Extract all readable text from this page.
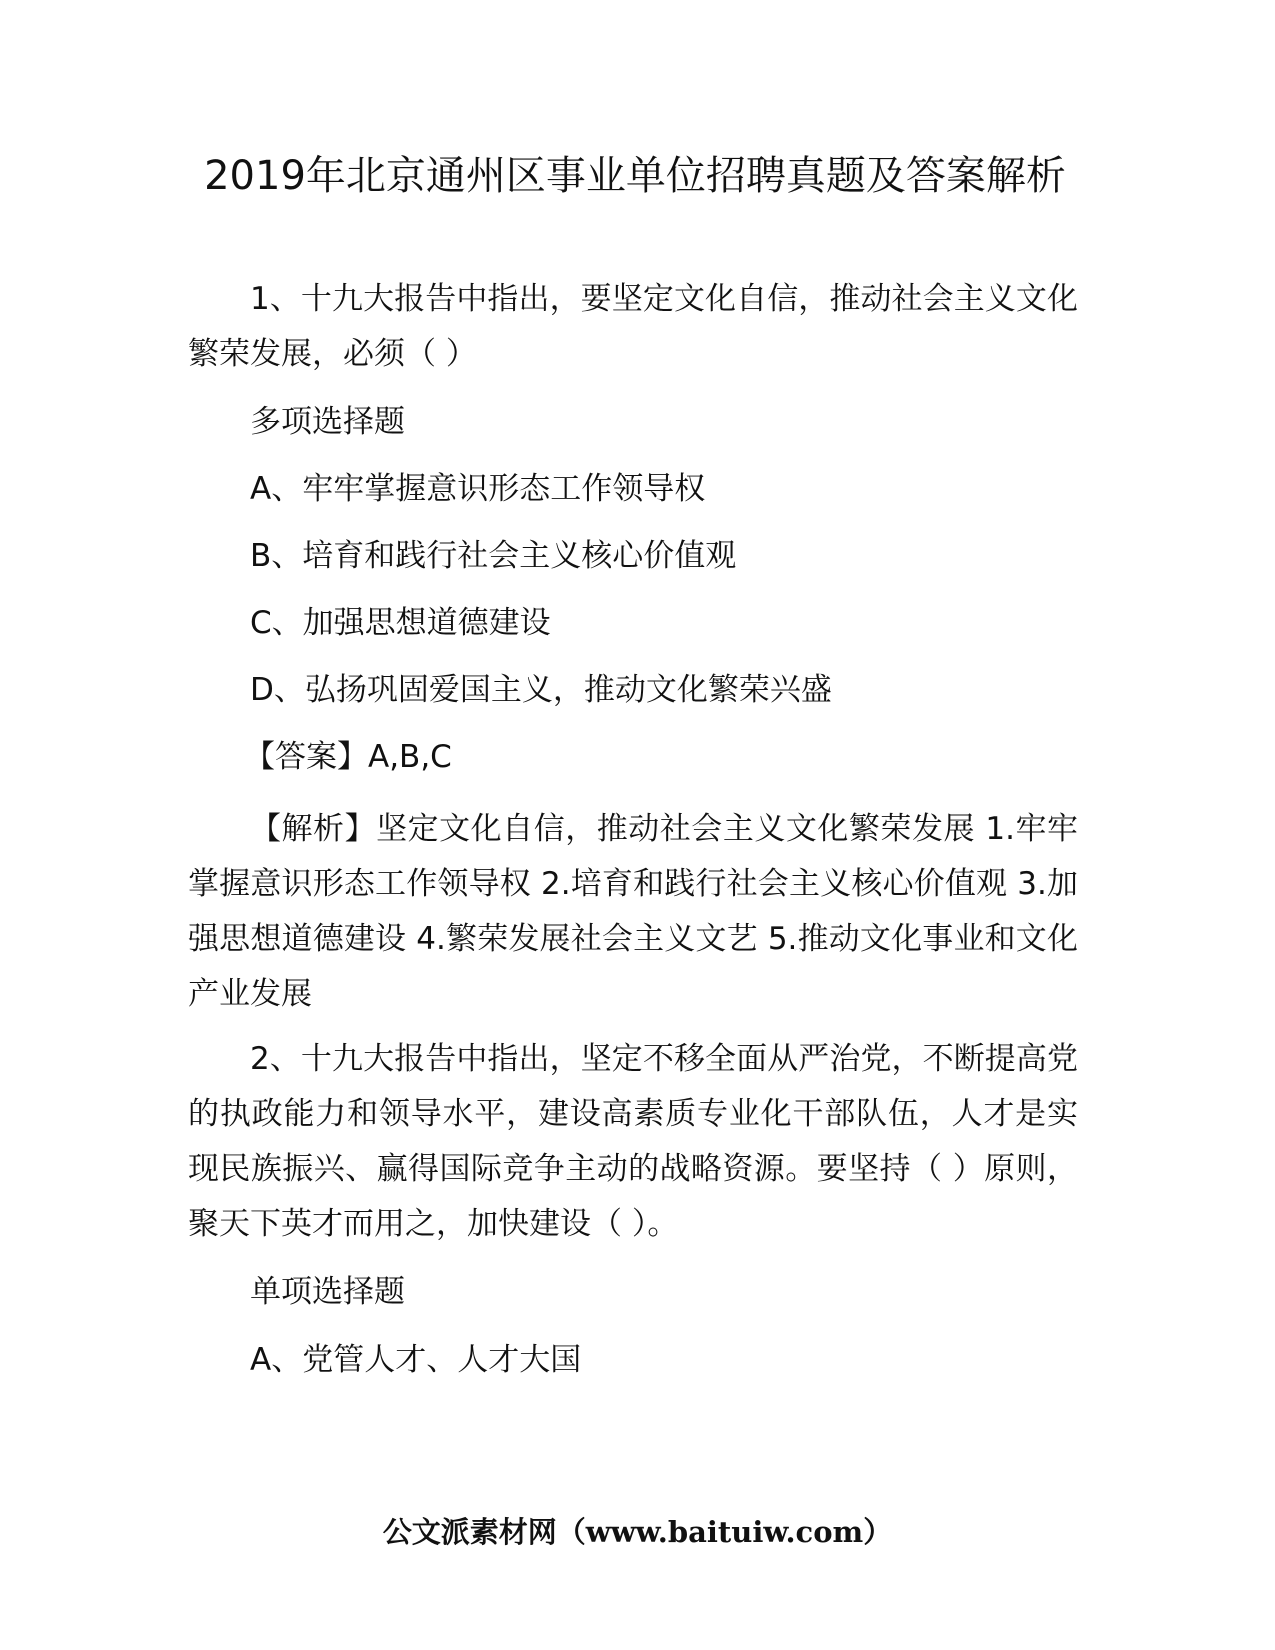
2019年北京通州区事业单位招聘真题及答案解析

1、十九大报告中指出，要坚定文化自信，推动社会主义文化繁荣发展，必须（ ）

多项选择题
A、牢牢掌握意识形态工作领导权
B、培育和践行社会主义核心价值观
C、加强思想道德建设
D、弘扬巩固爱国主义，推动文化繁荣兴盛
【答案】A,B,C

【解析】坚定文化自信，推动社会主义文化繁荣发展 1.牢牢掌握意识形态工作领导权 2.培育和践行社会主义核心价值观 3.加强思想道德建设 4.繁荣发展社会主义文艺 5.推动文化事业和文化产业发展

2、十九大报告中指出，坚定不移全面从严治党，不断提高党的执政能力和领导水平，建设高素质专业化干部队伍，人才是实现民族振兴、赢得国际竞争主动的战略资源。要坚持（ ）原则，聚天下英才而用之，加快建设（ ）。

单项选择题
A、党管人才、人才大国
公文派素材网（www.baituiw.com）
